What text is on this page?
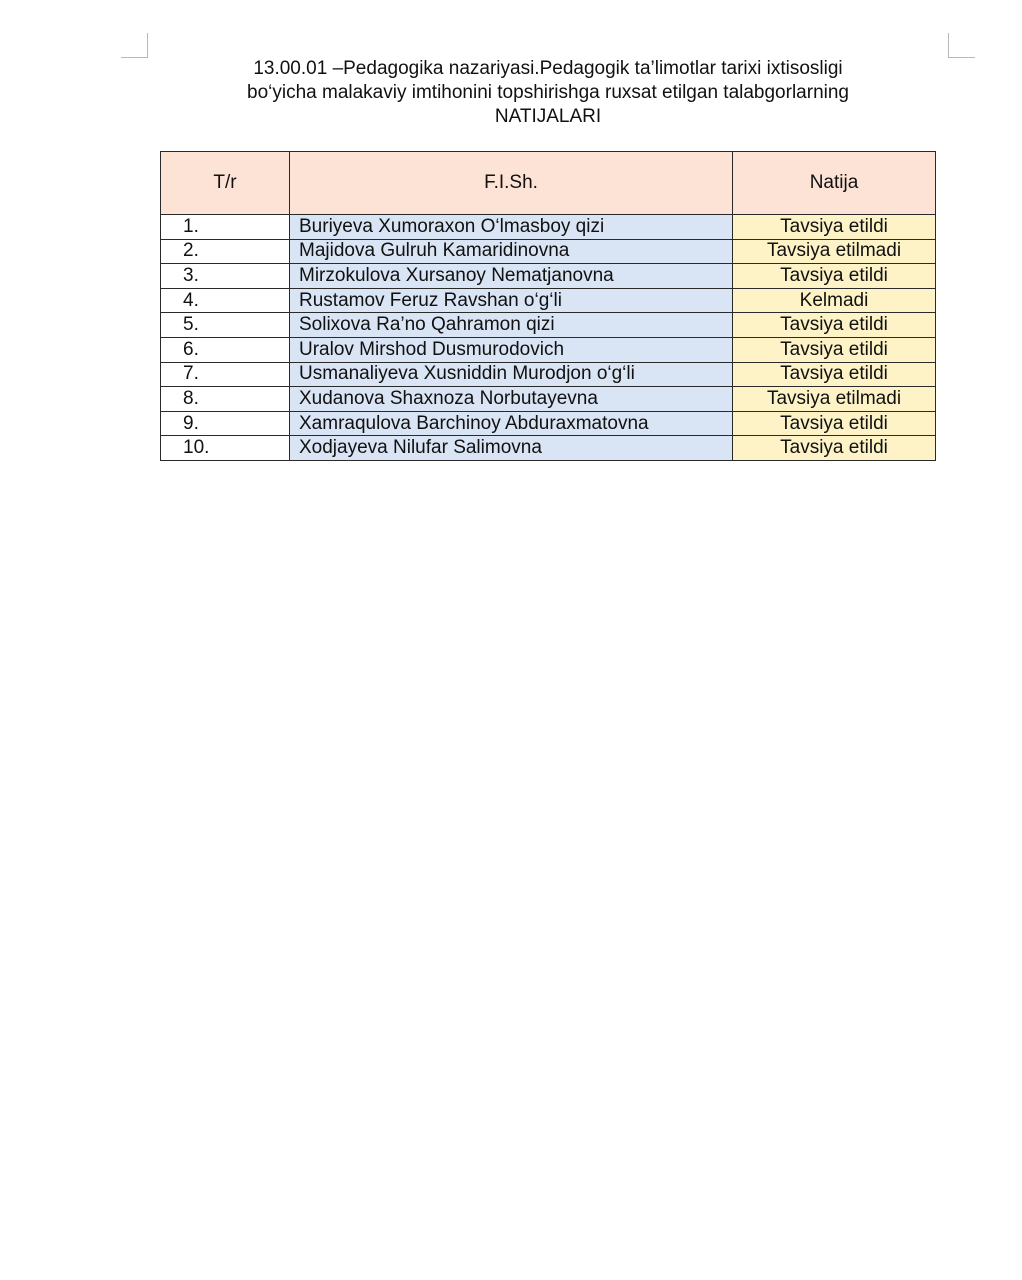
13.00.01 –Pedagogika nazariyasi.Pedagogik ta’limotlar tarixi ixtisosligi
bo‘yicha malakaviy imtihonini topshirishga ruxsat etilgan talabgorlarning
NATIJALARI
T/r	F.I.Sh.	Natija
1.	Buriyeva Xumoraxon O‘lmasboy qizi	Tavsiya etildi
2.	Majidova Gulruh Kamaridinovna	Tavsiya etilmadi
3.	Mirzokulova Xursanoy Nematjanovna	Tavsiya etildi
4.	Rustamov Feruz Ravshan o‘g‘li	Kelmadi
5.	Solixova Ra’no Qahramon qizi	Tavsiya etildi
6.	Uralov Mirshod Dusmurodovich	Tavsiya etildi
7.	Usmanaliyeva Xusniddin Murodjon o‘g‘li	Tavsiya etildi
8.	Xudanova Shaxnoza Norbutayevna	Tavsiya etilmadi
9.	Xamraqulova Barchinoy Abduraxmatovna	Tavsiya etildi
10.	Xodjayeva Nilufar Salimovna	Tavsiya etildi
